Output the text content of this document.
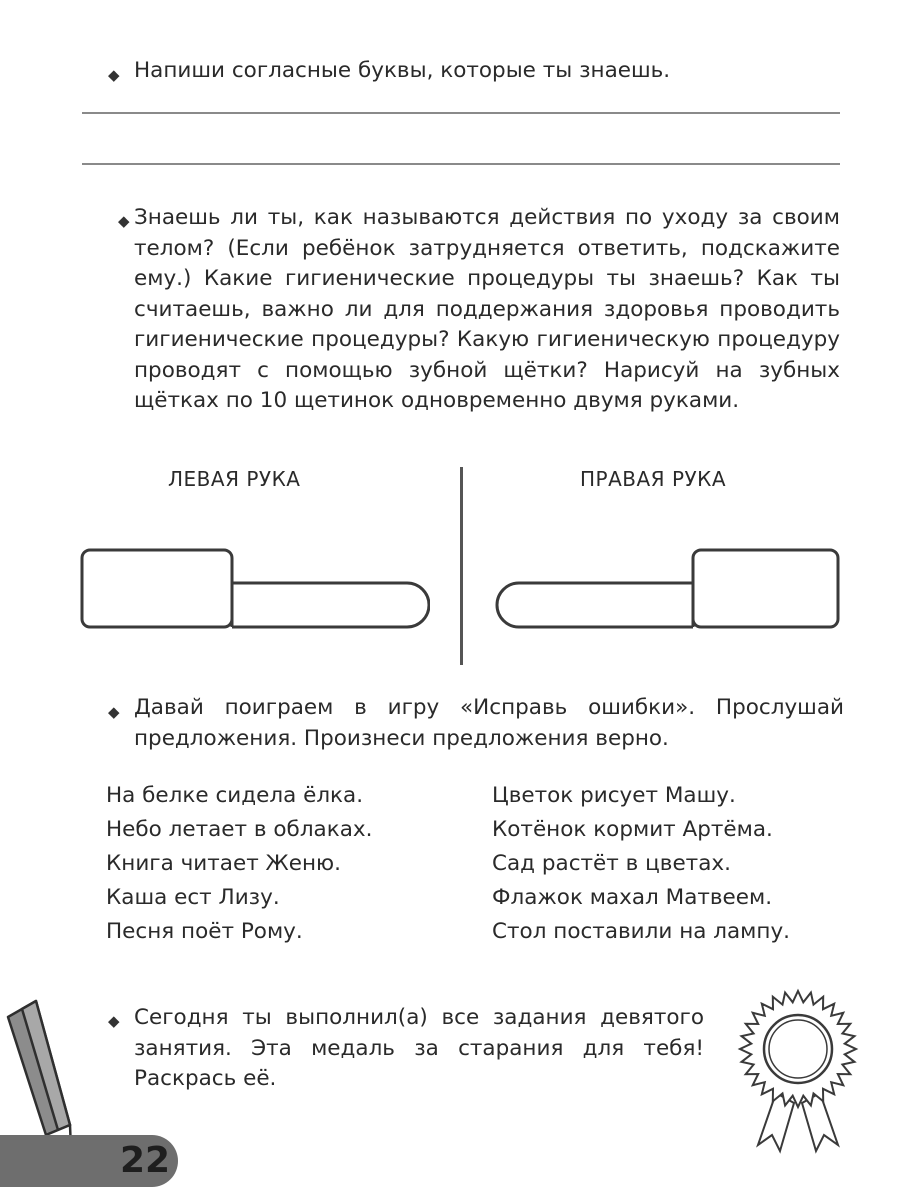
◆ Напиши согласные буквы, которые ты знаешь.
◆ Знаешь ли ты, как называются действия по уходу за своим телом? (Если ребёнок затрудняется ответить, подскажите ему.) Какие гигиенические процедуры ты знаешь? Как ты считаешь, важно ли для поддержания здоровья проводить гигиенические процедуры? Какую гигиеническую процедуру проводят с помощью зубной щётки? Нарисуй на зубных щётках по 10 щетинок одновременно двумя руками.
ЛЕВАЯ РУКА	ПРАВАЯ РУКА
◆ Давай поиграем в игру «Исправь ошибки». Прослушай предложения. Произнеси предложения верно.
На белке сидела ёлка.
Небо летает в облаках.
Книга читает Женю.
Каша ест Лизу.
Песня поёт Рому.
Цветок рисует Машу.
Котёнок кормит Артёма.
Сад растёт в цветах.
Флажок махал Матвеем.
Стол поставили на лампу.
◆ Сегодня ты выполнил(а) все задания девятого занятия. Эта медаль за старания для тебя! Раскрась её.
22
